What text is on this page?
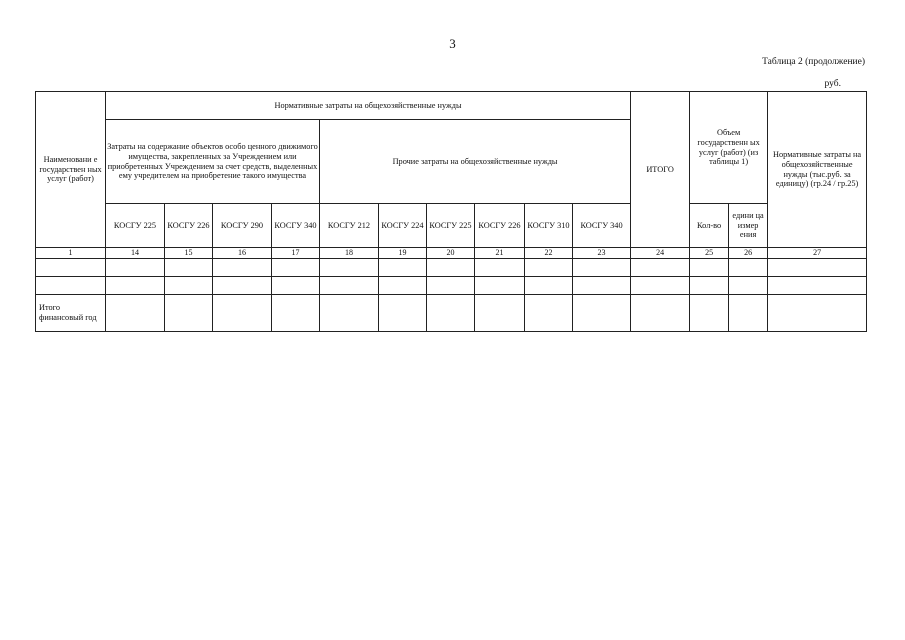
3
Таблица 2 (продолжение)
руб.
Наименовани е государствен ных услуг (работ)	Нормативные затраты на общехозяйственные нужды										ИТОГО	Объем государственн ых услуг (работ) (из таблицы 1)		Нормативные затраты на общехозяйственные нужды (тыс.руб. за единицу) (гр.24 / гр.25)
	Затраты на содержание объектов особо ценного движимого имущества, закрепленных за Учреждением или приобретенных Учреждением за счет средств, выделенных ему учредителем на приобретение такого имущества				Прочие затраты на общехозяйственные нужды									
	КОСГУ 225	КОСГУ 226	КОСГУ 290	КОСГУ 340	КОСГУ 212	КОСГУ 224	КОСГУ 225	КОСГУ 226	КОСГУ 310	КОСГУ 340		Кол-во	едини ца измер ения	
1	14	15	16	17	18	19	20	21	22	23	24	25	26	27

Итого финансовый год														
